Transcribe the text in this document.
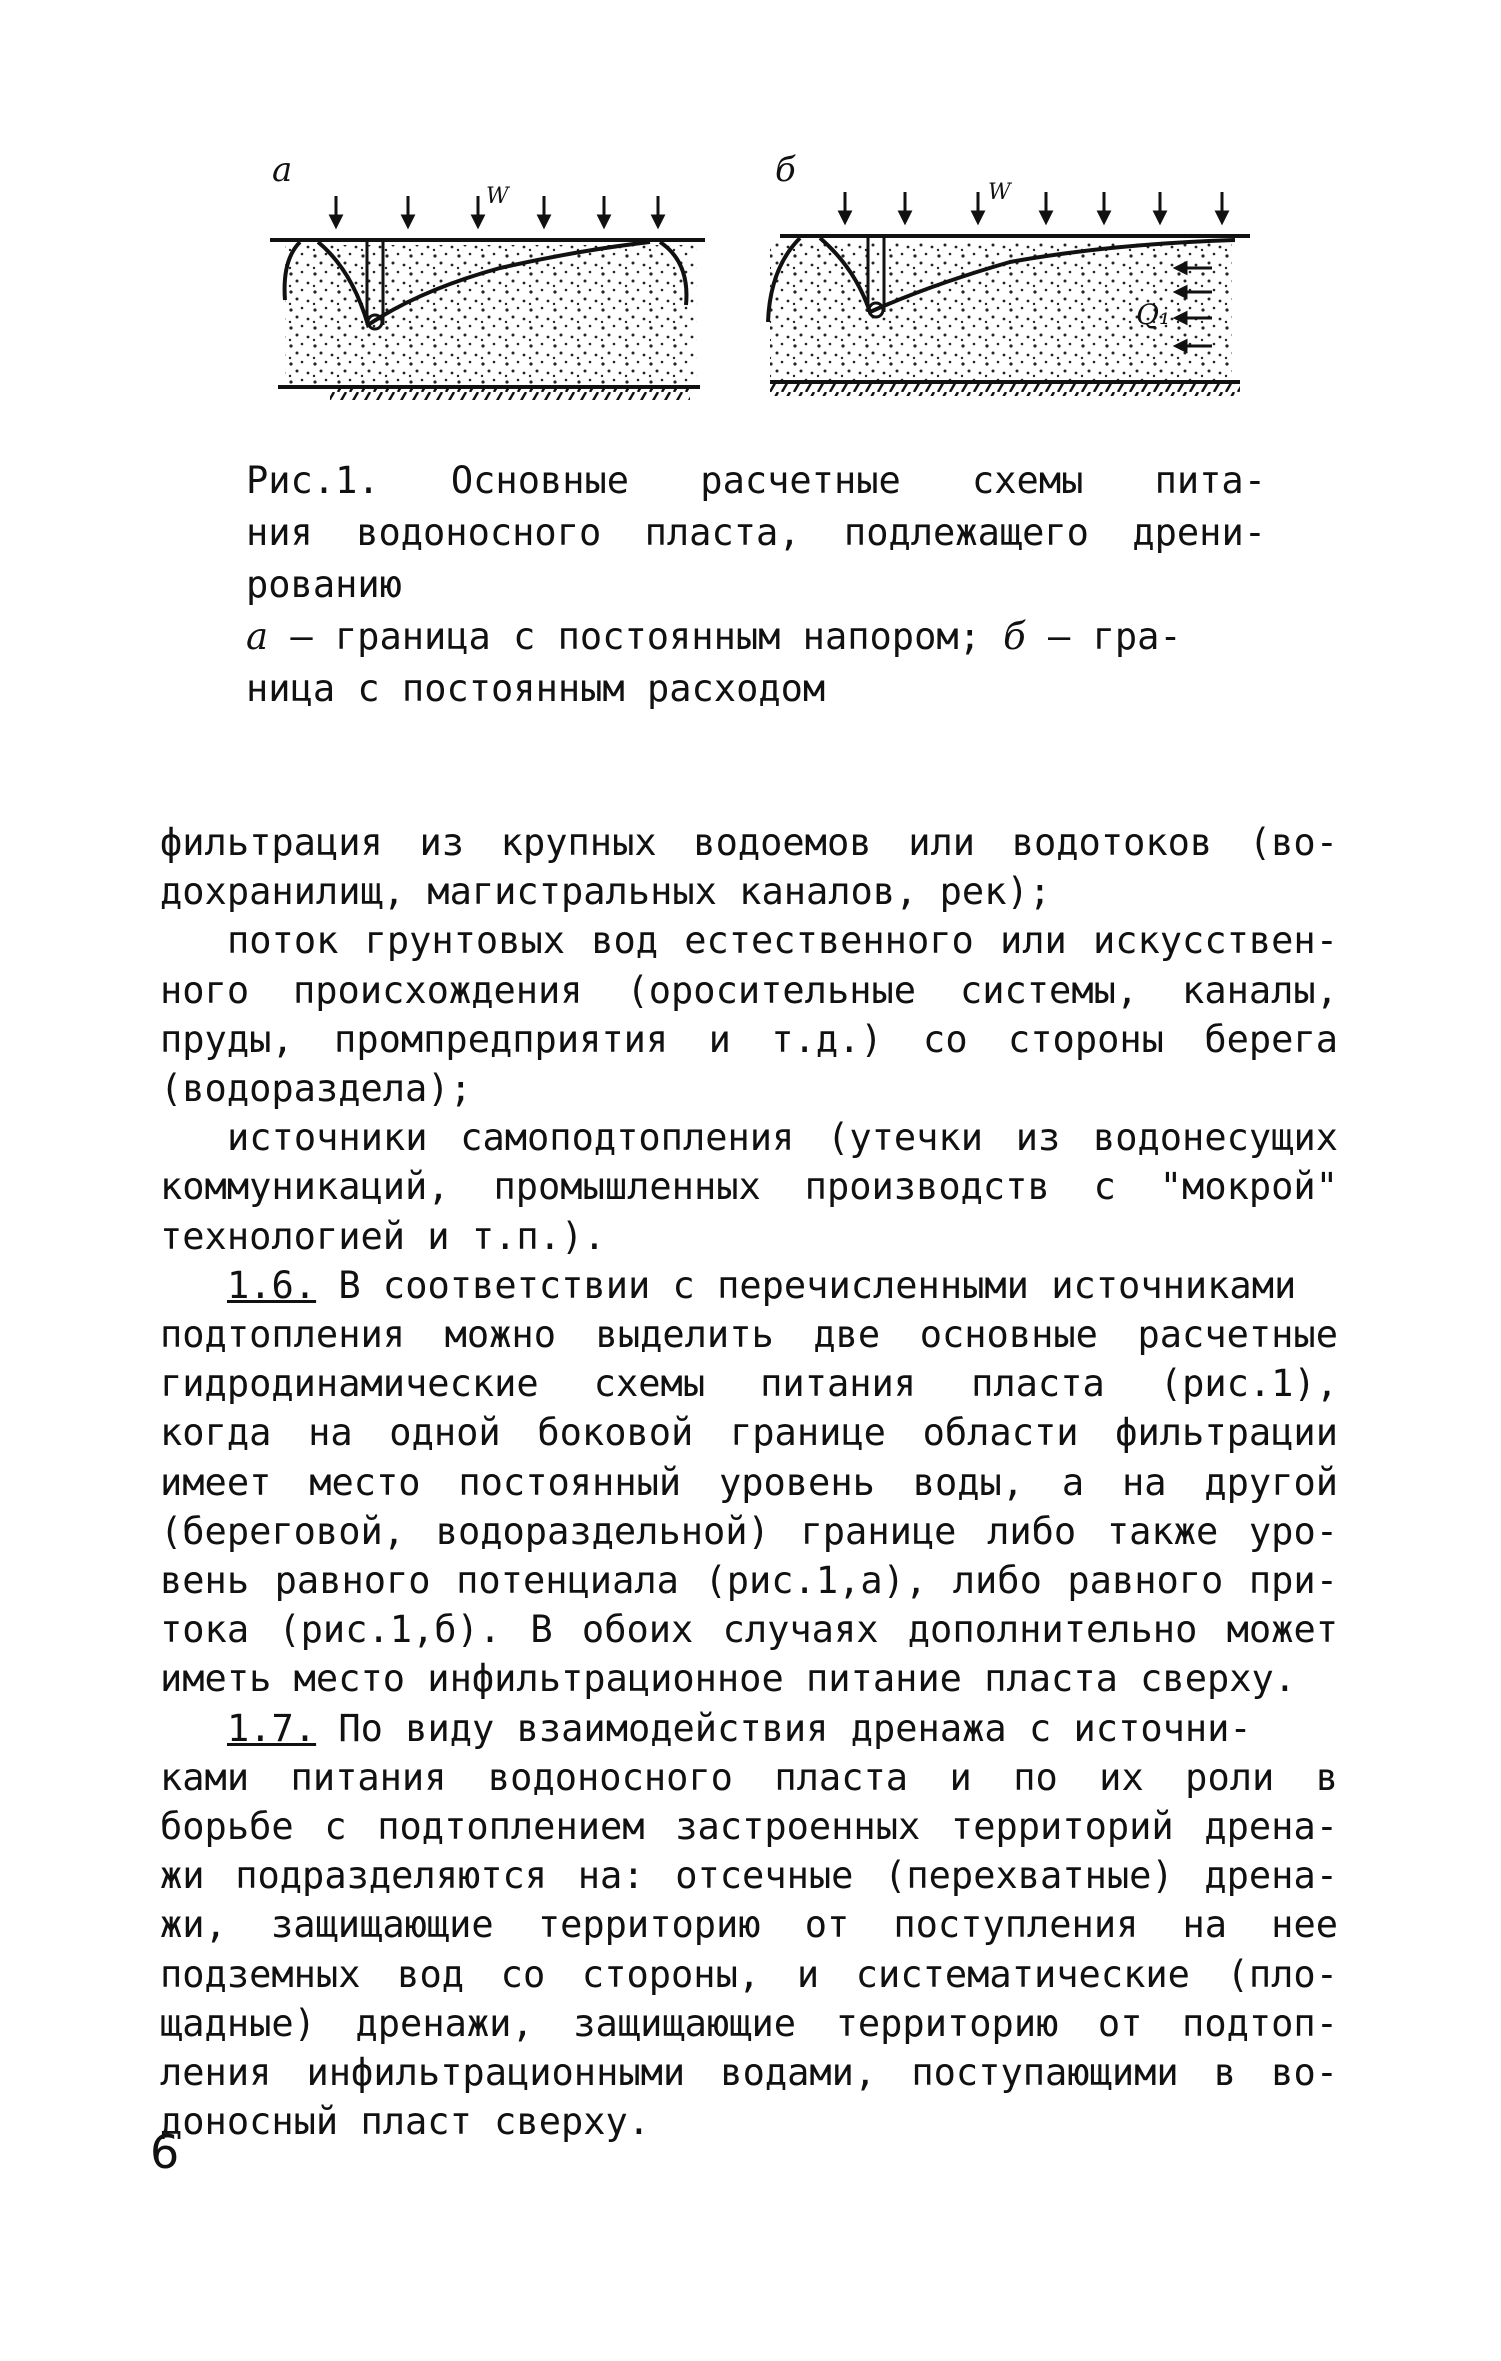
а	б
W	W
Q₁
Рис.1. Основные расчетные схемы пита-
ния водоносного пласта, подлежащего дрени-
рованию
а – граница с постоянным напором; б – гра-
ница с постоянным расходом
фильтрация из крупных водоемов или водотоков (во-
дохранилищ, магистральных каналов, рек);
поток грунтовых вод естественного или искусствен-
ного происхождения (оросительные системы, каналы,
пруды, промпредприятия и т.д.) со стороны берега
(водораздела);
источники самоподтопления (утечки из водонесущих
коммуникаций, промышленных производств с "мокрой"
технологией и т.п.).
1.6. В соответствии с перечисленными источниками
подтопления можно выделить две основные расчетные
гидродинамические схемы питания пласта (рис.1),
когда на одной боковой границе области фильтрации
имеет место постоянный уровень воды, а на другой
(береговой, водораздельной) границе либо также уро-
вень равного потенциала (рис.1,а), либо равного при-
тока (рис.1,б). В обоих случаях дополнительно может
иметь место инфильтрационное питание пласта сверху.
1.7. По виду взаимодействия дренажа с источни-
ками питания водоносного пласта и по их роли в
борьбе с подтоплением застроенных территорий дрена-
жи подразделяются на: отсечные (перехватные) дрена-
жи, защищающие территорию от поступления на нее
подземных вод со стороны, и систематические (пло-
щадные) дренажи, защищающие территорию от подтоп-
ления инфильтрационными водами, поступающими в во-
доносный пласт сверху.
6
